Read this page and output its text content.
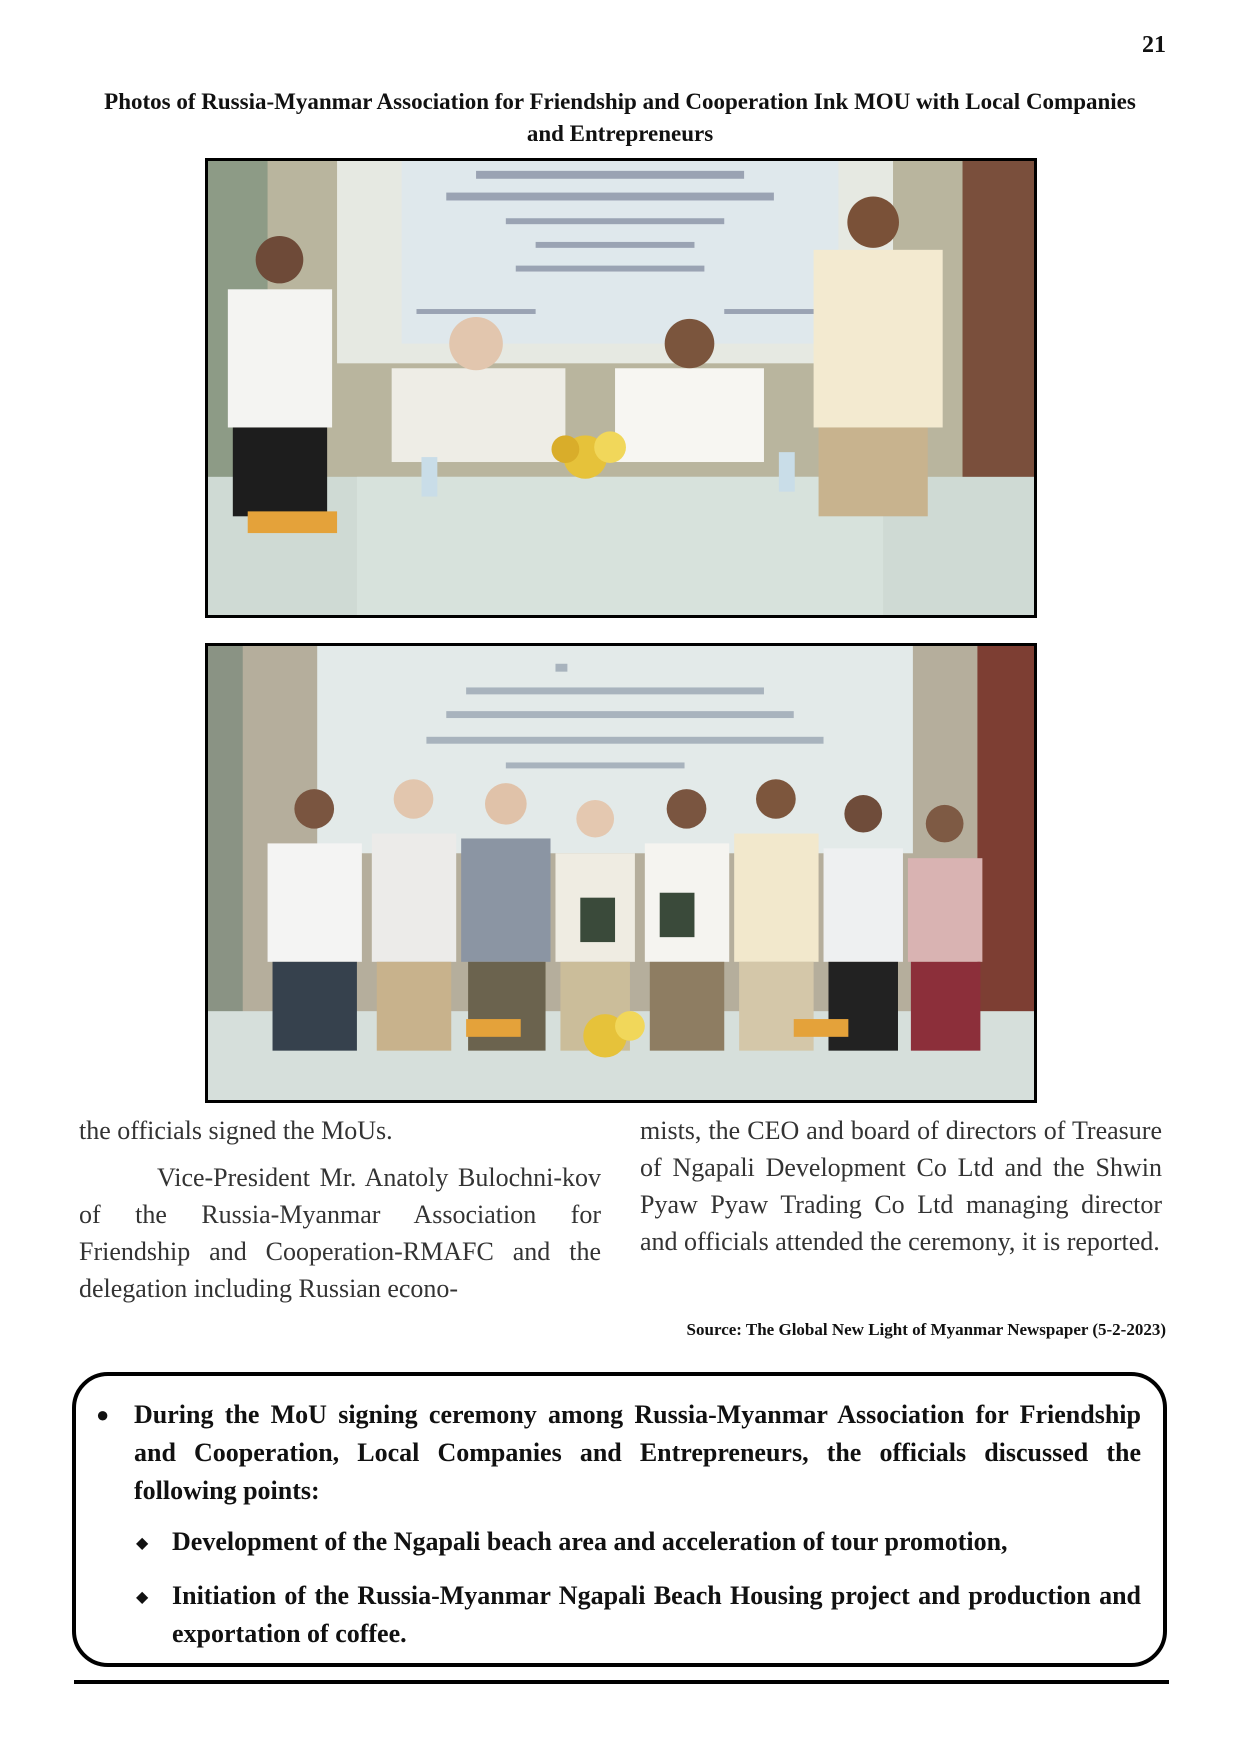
21
Photos of Russia-Myanmar Association for Friendship and Cooperation Ink MOU with Local Companies and Entrepreneurs

the officials signed the MoUs.

Vice-President Mr. Anatoly Bulochni-kov of the Russia-Myanmar Association for Friendship and Cooperation-RMAFC and the delegation including Russian econo-

mists, the CEO and board of directors of Treasure of Ngapali Development Co Ltd and the Shwin Pyaw Pyaw Trading Co Ltd managing director and officials attended the ceremony, it is reported.

Source: The Global New Light of Myanmar Newspaper (5-2-2023)
● During the MoU signing ceremony among Russia-Myanmar Association for Friendship and Cooperation, Local Companies and Entrepreneurs, the officials discussed the following points:
◆ Development of the Ngapali beach area and acceleration of tour promotion,
◆ Initiation of the Russia-Myanmar Ngapali Beach Housing project and production and exportation of coffee.
